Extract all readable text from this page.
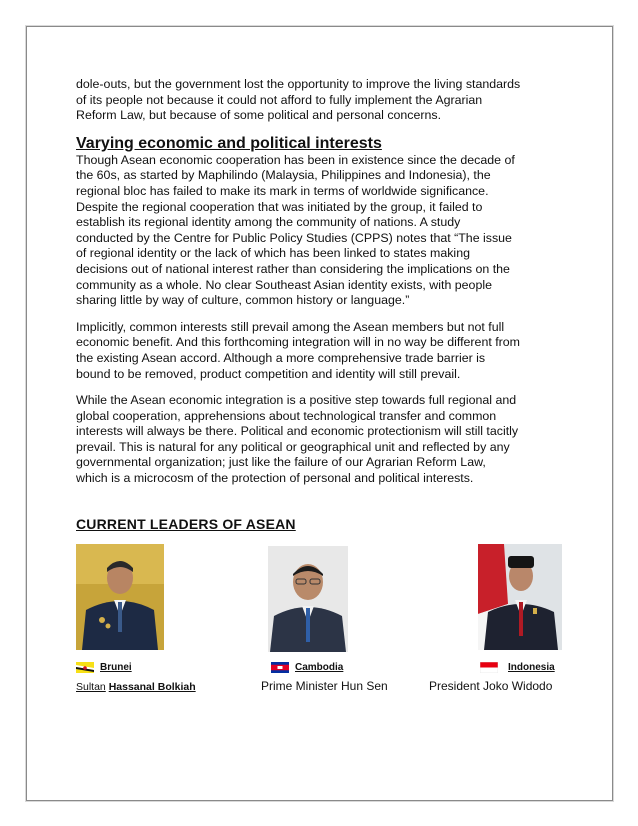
dole-outs, but the government lost the opportunity to improve the living standards
of its people not because it could not afford to fully implement the Agrarian
Reform Law, but because of some political and personal concerns.

Varying economic and political interests

Though Asean economic cooperation has been in existence since the decade of
the 60s, as started by Maphilindo (Malaysia, Philippines and Indonesia), the
regional bloc has failed to make its mark in terms of worldwide significance.
Despite the regional cooperation that was initiated by the group, it failed to
establish its regional identity among the community of nations. A study
conducted by the Centre for Public Policy Studies (CPPS) notes that “The issue
of regional identity or the lack of which has been linked to states making
decisions out of national interest rather than considering the implications on the
community as a whole. No clear Southeast Asian identity exists, with people
sharing little by way of culture, common history or language.”

Implicitly, common interests still prevail among the Asean members but not full
economic benefit. And this forthcoming integration will in no way be different from
the existing Asean accord. Although a more comprehensive trade barrier is
bound to be removed, product competition and identity will still prevail.

While the Asean economic integration is a positive step towards full regional and
global cooperation, apprehensions about technological transfer and common
interests will always be there. Political and economic protectionism will still tacitly
prevail. This is natural for any political or geographical unit and reflected by any
governmental organization; just like the failure of our Agrarian Reform Law,
which is a microcosm of the protection of personal and political interests.

CURRENT LEADERS OF ASEAN
Brunei	Cambodia	Indonesia
Sultan Hassanal Bolkiah	Prime Minister Hun Sen	President Joko Widodo
